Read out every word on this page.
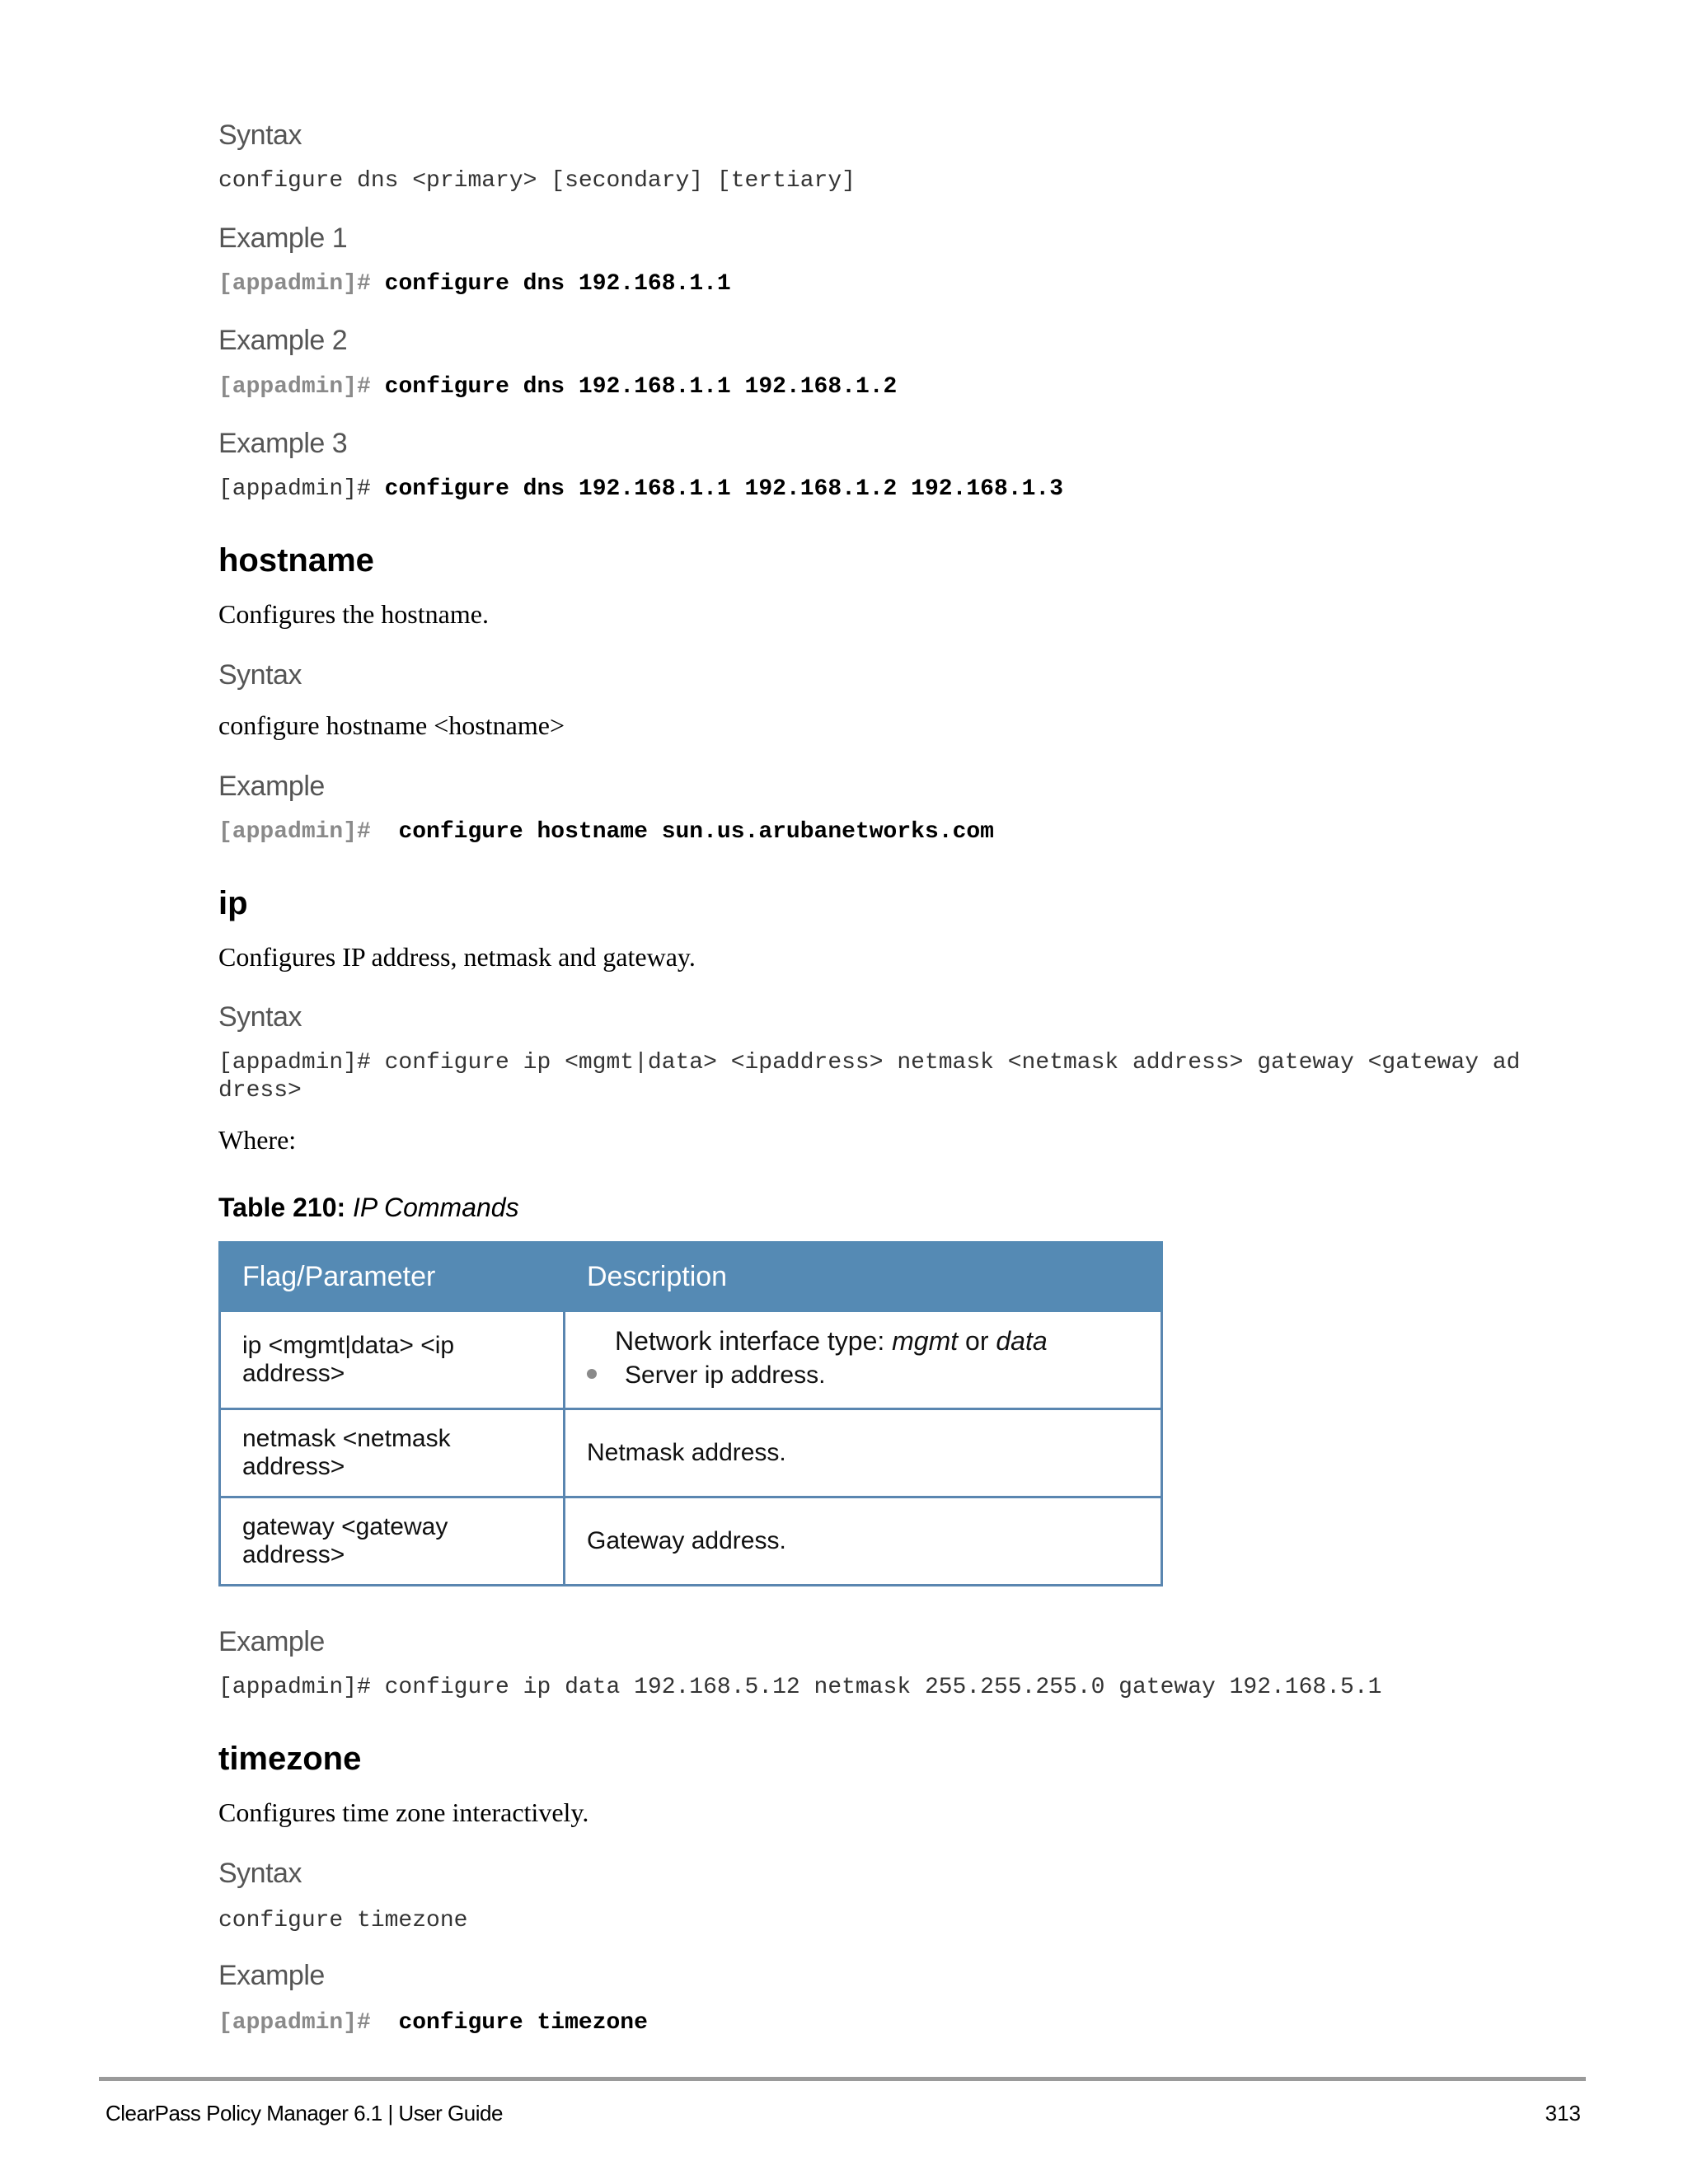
Syntax
configure dns <primary> [secondary] [tertiary]
Example 1
[appadmin]# configure dns 192.168.1.1
Example 2
[appadmin]# configure dns 192.168.1.1 192.168.1.2
Example 3
[appadmin]# configure dns 192.168.1.1 192.168.1.2 192.168.1.3
hostname
Configures the hostname.
Syntax
configure hostname <hostname>
Example
[appadmin]# configure hostname sun.us.arubanetworks.com
ip
Configures IP address, netmask and gateway.
Syntax
[appadmin]# configure ip <mgmt|data> <ipaddress> netmask <netmask address> gateway <gateway ad dress>
Where:
Table 210: IP Commands
Flag/Parameter	Description
ip <mgmt|data> <ip address>	Network interface type: mgmt or data
Server ip address.

netmask <netmask address>	Netmask address.
gateway <gateway address>	Gateway address.
Example
[appadmin]# configure ip data 192.168.5.12 netmask 255.255.255.0 gateway 192.168.5.1
timezone
Configures time zone interactively.
Syntax
configure timezone
Example
[appadmin]# configure timezone
ClearPass Policy Manager 6.1 | User Guide	313
